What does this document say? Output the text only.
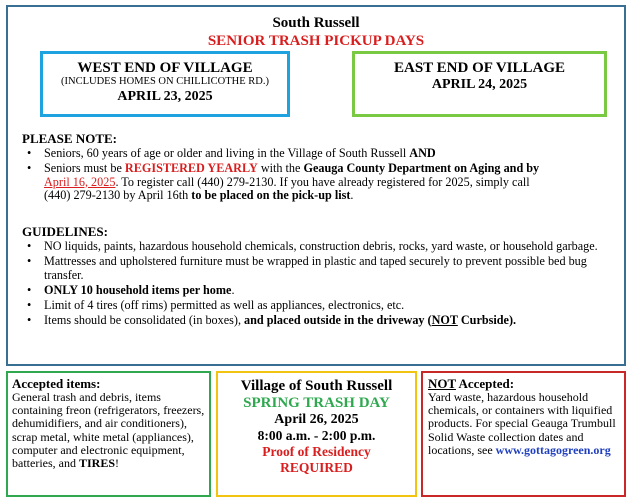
South Russell
SENIOR TRASH PICKUP DAYS
WEST END OF VILLAGE
(INCLUDES HOMES ON CHILLICOTHE RD.)
APRIL 23, 2025
EAST END OF VILLAGE
APRIL 24, 2025
PLEASE NOTE:
• Seniors, 60 years of age or older and living in the Village of South Russell AND
• Seniors must be REGISTERED YEARLY with the Geauga County Department on Aging and by
April 16, 2025. To register call (440) 279-2130. If you have already registered for 2025, simply call
(440) 279-2130 by April 16th to be placed on the pick-up list.
GUIDELINES:
• NO liquids, paints, hazardous household chemicals, construction debris, rocks, yard waste, or household garbage.
• Mattresses and upholstered furniture must be wrapped in plastic and taped securely to prevent possible bed bug transfer.
• ONLY 10 household items per home.
• Limit of 4 tires (off rims) permitted as well as appliances, electronics, etc.
• Items should be consolidated (in boxes), and placed outside in the driveway (NOT Curbside).
Accepted items:
General trash and debris, items containing freon (refrigerators, freezers, dehumidifiers, and air conditioners), scrap metal, white metal (appliances), computer and electronic equipment, batteries, and TIRES!
Village of South Russell
SPRING TRASH DAY
April 26, 2025
8:00 a.m. - 2:00 p.m.
Proof of Residency
REQUIRED
NOT Accepted:
Yard waste, hazardous household chemicals, or containers with liquified products. For special Geauga Trumbull Solid Waste collection dates and locations, see www.gottagogreen.org
